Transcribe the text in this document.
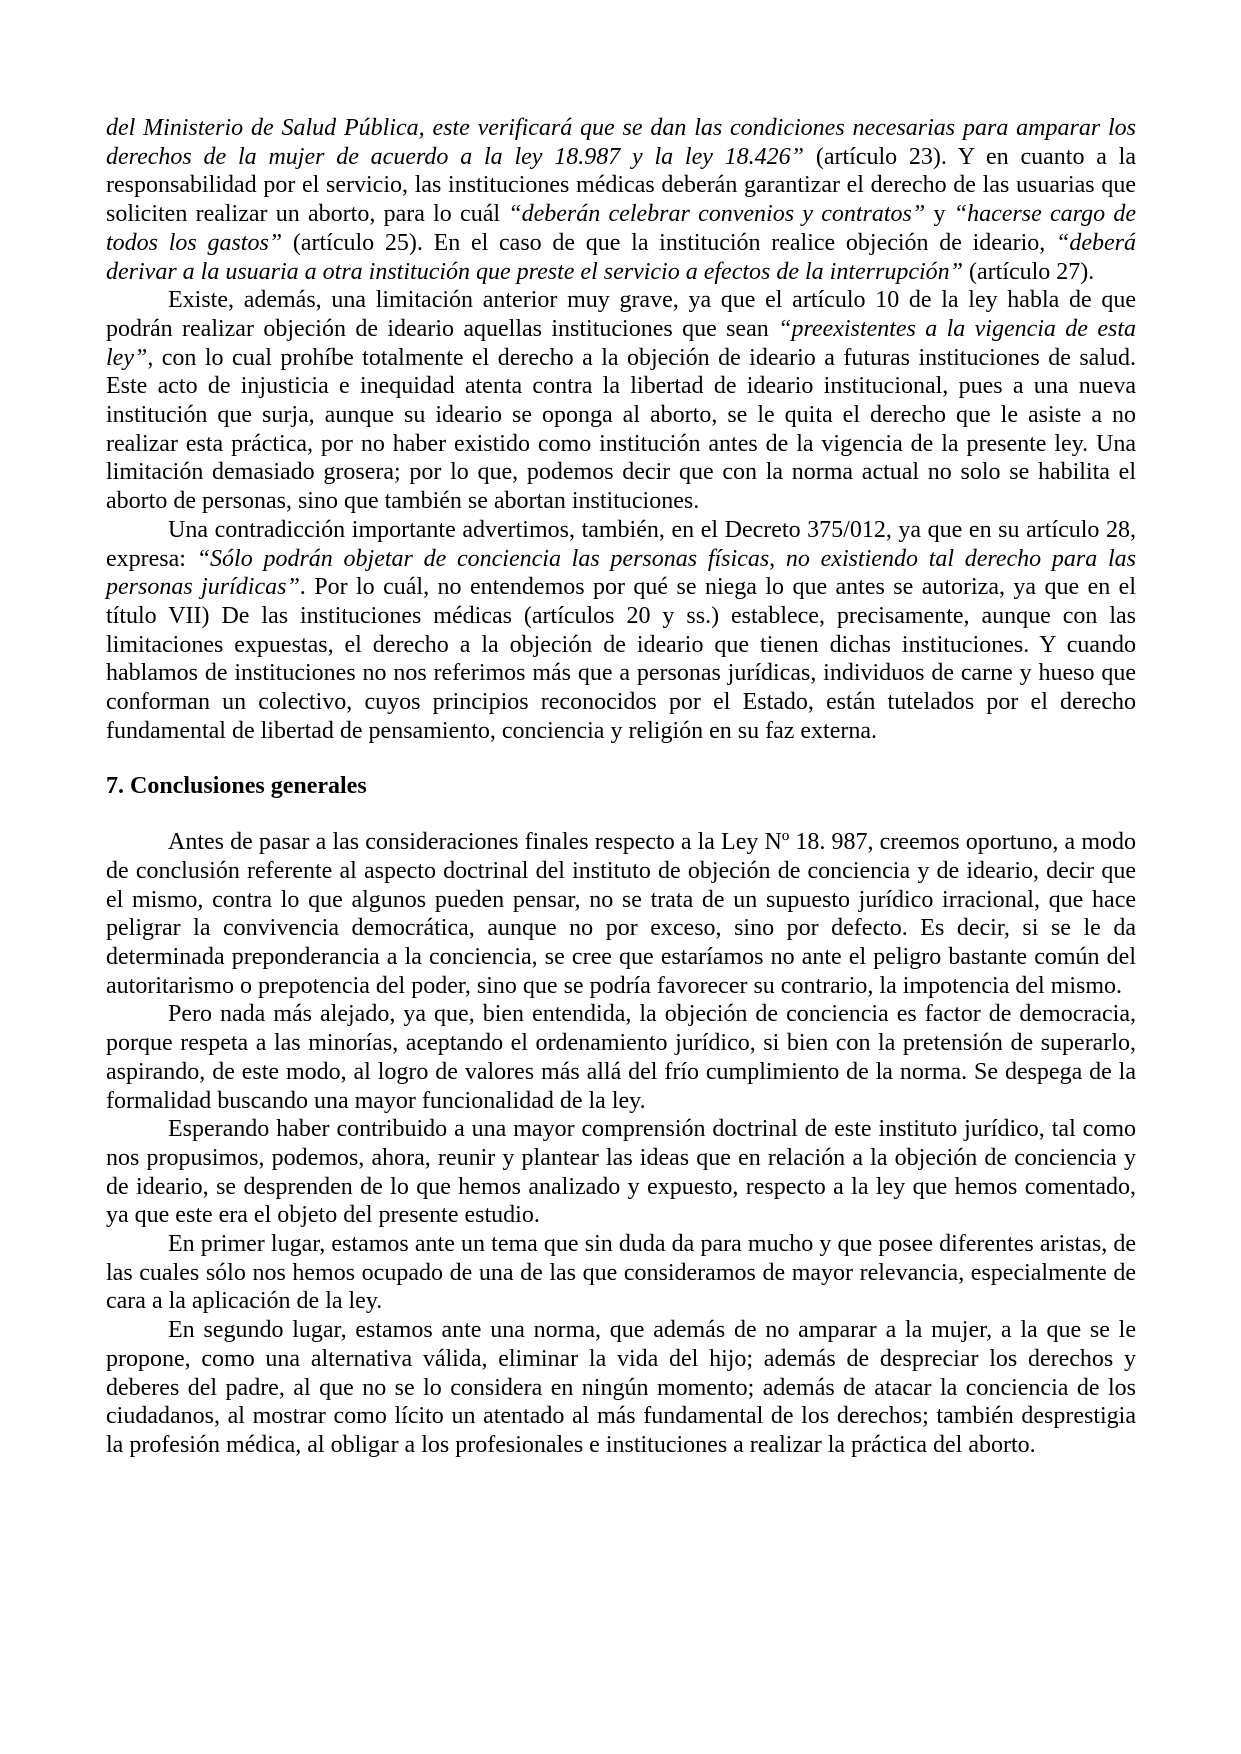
del Ministerio de Salud Pública, este verificará que se dan las condiciones necesarias para amparar los derechos de la mujer de acuerdo a la ley 18.987 y la ley 18.426” (artículo 23). Y en cuanto a la responsabilidad por el servicio, las instituciones médicas deberán garantizar el derecho de las usuarias que soliciten realizar un aborto, para lo cuál “deberán celebrar convenios y contratos” y “hacerse cargo de todos los gastos” (artículo 25). En el caso de que la institución realice objeción de ideario, “deberá derivar a la usuaria a otra institución que preste el servicio a efectos de la interrupción” (artículo 27).

Existe, además, una limitación anterior muy grave, ya que el artículo 10 de la ley habla de que podrán realizar objeción de ideario aquellas instituciones que sean “preexistentes a la vigencia de esta ley”, con lo cual prohíbe totalmente el derecho a la objeción de ideario a futuras instituciones de salud. Este acto de injusticia e inequidad atenta contra la libertad de ideario institucional, pues a una nueva institución que surja, aunque su ideario se oponga al aborto, se le quita el derecho que le asiste a no realizar esta práctica, por no haber existido como institución antes de la vigencia de la presente ley. Una limitación demasiado grosera; por lo que, podemos decir que con la norma actual no solo se habilita el aborto de personas, sino que también se abortan instituciones.

Una contradicción importante advertimos, también, en el Decreto 375/012, ya que en su artículo 28, expresa: “Sólo podrán objetar de conciencia las personas físicas, no existiendo tal derecho para las personas jurídicas”. Por lo cuál, no entendemos por qué se niega lo que antes se autoriza, ya que en el título VII) De las instituciones médicas (artículos 20 y ss.) establece, precisamente, aunque con las limitaciones expuestas, el derecho a la objeción de ideario que tienen dichas instituciones. Y cuando hablamos de instituciones no nos referimos más que a personas jurídicas, individuos de carne y hueso que conforman un colectivo, cuyos principios reconocidos por el Estado, están tutelados por el derecho fundamental de libertad de pensamiento, conciencia y religión en su faz externa.

7. Conclusiones generales

Antes de pasar a las consideraciones finales respecto a la Ley Nº 18. 987, creemos oportuno, a modo de conclusión referente al aspecto doctrinal del instituto de objeción de conciencia y de ideario, decir que el mismo, contra lo que algunos pueden pensar, no se trata de un supuesto jurídico irracional, que hace peligrar la convivencia democrática, aunque no por exceso, sino por defecto. Es decir, si se le da determinada preponderancia a la conciencia, se cree que estaríamos no ante el peligro bastante común del autoritarismo o prepotencia del poder, sino que se podría favorecer su contrario, la impotencia del mismo.

Pero nada más alejado, ya que, bien entendida, la objeción de conciencia es factor de democracia, porque respeta a las minorías, aceptando el ordenamiento jurídico, si bien con la pretensión de superarlo, aspirando, de este modo, al logro de valores más allá del frío cumplimiento de la norma. Se despega de la formalidad buscando una mayor funcionalidad de la ley.

Esperando haber contribuido a una mayor comprensión doctrinal de este instituto jurídico, tal como nos propusimos, podemos, ahora, reunir y plantear las ideas que en relación a la objeción de conciencia y de ideario, se desprenden de lo que hemos analizado y expuesto, respecto a la ley que hemos comentado, ya que este era el objeto del presente estudio.

En primer lugar, estamos ante un tema que sin duda da para mucho y que posee diferentes aristas, de las cuales sólo nos hemos ocupado de una de las que consideramos de mayor relevancia, especialmente de cara a la aplicación de la ley.

En segundo lugar, estamos ante una norma, que además de no amparar a la mujer, a la que se le propone, como una alternativa válida, eliminar la vida del hijo; además de despreciar los derechos y deberes del padre, al que no se lo considera en ningún momento; además de atacar la conciencia de los ciudadanos, al mostrar como lícito un atentado al más fundamental de los derechos; también desprestigia la profesión médica, al obligar a los profesionales e instituciones a realizar la práctica del aborto.
